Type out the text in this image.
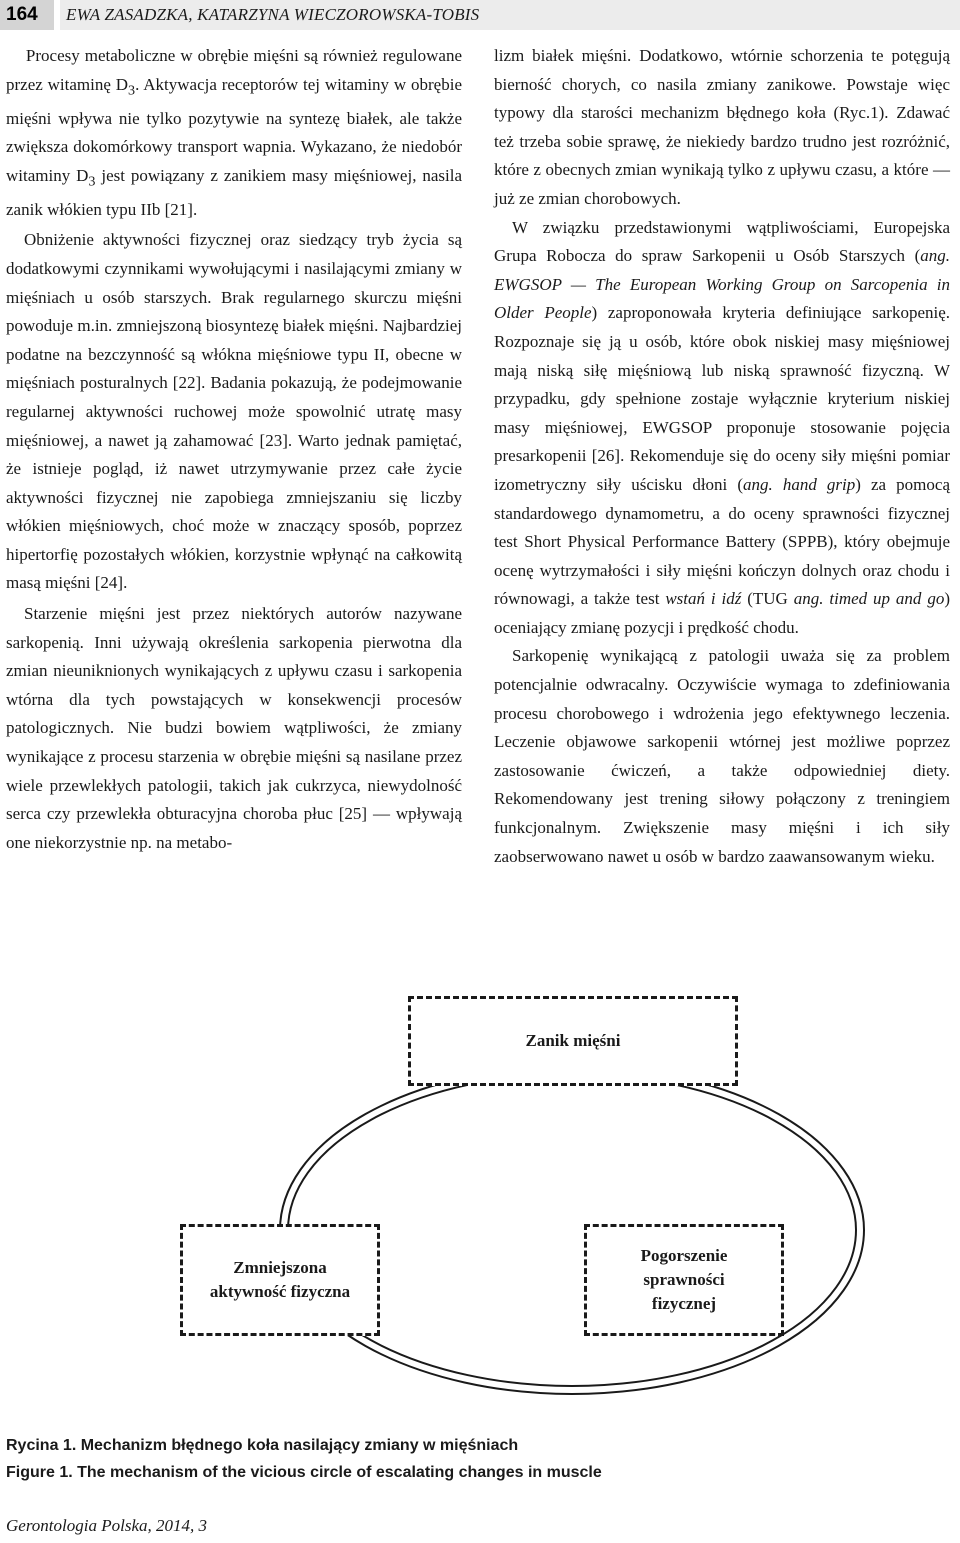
164	EWA ZASADZKA, KATARZYNA WIECZOROWSKA-TOBIS

Procesy metaboliczne w obrębie mięśni są również regulowane przez witaminę $D_3$. Aktywacja receptorów tej witaminy w obrębie mięśni wpływa nie tylko pozytywie na syntezę białek, ale także zwiększa dokomórkowy transport wapnia. Wykazano, że niedobór witaminy $D_3$ jest powiązany z zanikiem masy mięśniowej, nasila zanik włókien typu IIb [21].

Obniżenie aktywności fizycznej oraz siedzący tryb życia są dodatkowymi czynnikami wywołującymi i nasilającymi zmiany w mięśniach u osób starszych. Brak regularnego skurczu mięśni powoduje m.in. zmniejszoną biosyntezę białek mięśni. Najbardziej podatne na bezczynność są włókna mięśniowe typu II, obecne w mięśniach posturalnych [22]. Badania pokazują, że podejmowanie regularnej aktywności ruchowej może spowolnić utratę masy mięśniowej, a nawet ją zahamować [23]. Warto jednak pamiętać, że istnieje pogląd, iż nawet utrzymywanie przez całe życie aktywności fizycznej nie zapobiega zmniejszaniu się liczby włókien mięśniowych, choć może w znaczący sposób, poprzez hipertorfię pozostałych włókien, korzystnie wpłynąć na całkowitą masą mięśni [24].

Starzenie mięśni jest przez niektórych autorów nazywane sarkopenią. Inni używają określenia sarkopenia pierwotna dla zmian nieuniknionych wynikających z upływu czasu i sarkopenia wtórna dla tych powstających w konsekwencji procesów patologicznych. Nie budzi bowiem wątpliwości, że zmiany wynikające z procesu starzenia w obrębie mięśni są nasilane przez wiele przewlekłych patologii, takich jak cukrzyca, niewydolność serca czy przewlekła obturacyjna choroba płuc [25] — wpływają one niekorzystnie np. na metabo-

lizm białek mięśni. Dodatkowo, wtórnie schorzenia te potęgują bierność chorych, co nasila zmiany zanikowe. Powstaje więc typowy dla starości mechanizm błędnego koła (Ryc.1). Zdawać też trzeba sobie sprawę, że niekiedy bardzo trudno jest rozróżnić, które z obecnych zmian wynikają tylko z upływu czasu, a które — już ze zmian chorobowych.

W związku przedstawionymi wątpliwościami, Europejska Grupa Robocza do spraw Sarkopenii u Osób Starszych (ang. EWGSOP — The European Working Group on Sarcopenia in Older People) zaproponowała kryteria definiujące sarkopenię. Rozpoznaje się ją u osób, które obok niskiej masy mięśniowej mają niską siłę mięśniową lub niską sprawność fizyczną. W przypadku, gdy spełnione zostaje wyłącznie kryterium niskiej masy mięśniowej, EWGSOP proponuje stosowanie pojęcia presarkopenii [26]. Rekomenduje się do oceny siły mięśni pomiar izometryczny siły uścisku dłoni (ang. hand grip) za pomocą standardowego dynamometru, a do oceny sprawności fizycznej test Short Physical Performance Battery (SPPB), który obejmuje ocenę wytrzymałości i siły mięśni kończyn dolnych oraz chodu i równowagi, a także test wstań i idź (TUG ang. timed up and go) oceniający zmianę pozycji i prędkość chodu.

Sarkopenię wynikającą z patologii uważa się za problem potencjalnie odwracalny. Oczywiście wymaga to zdefiniowania procesu chorobowego i wdrożenia jego efektywnego leczenia. Leczenie objawowe sarkopenii wtórnej jest możliwe poprzez zastosowanie ćwiczeń, a także odpowiedniej diety. Rekomendowany jest trening siłowy połączony z treningiem funkcjonalnym. Zwiększenie masy mięśni i ich siły zaobserwowano nawet u osób w bardzo zaawansowanym wieku.

Zanik mięśni
Zmniejszona aktywność fizyczna
Pogorszenie sprawności fizycznej
Rycina 1. Mechanizm błędnego koła nasilający zmiany w mięśniach
Figure 1. The mechanism of the vicious circle of escalating changes in muscle
Gerontologia Polska, 2014, 3
